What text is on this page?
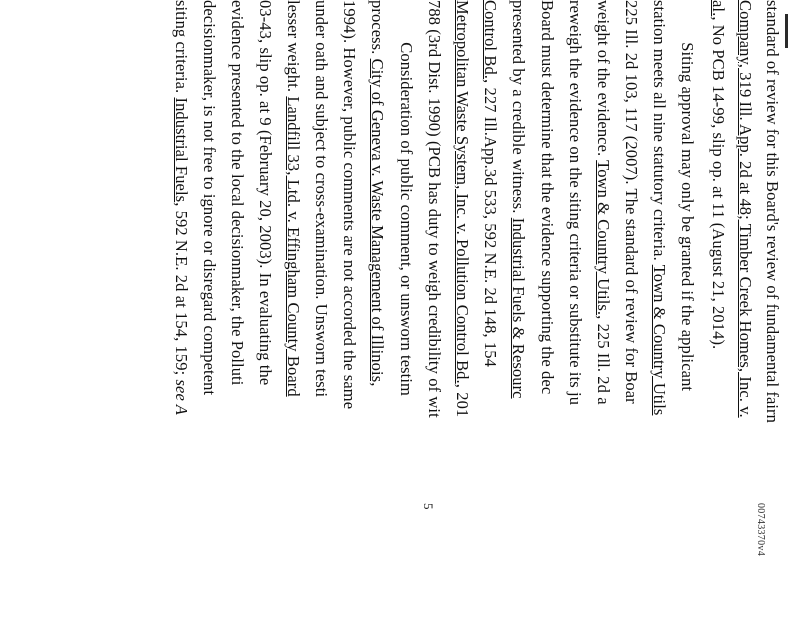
standard of review for this Board's review of fundamental fairn
Company, 319 Ill. App. 2d at 48; Timber Creek Homes, Inc. v.
al., No PCB 14-99, slip op. at 11 (August 21, 2014).
Siting approval may only be granted if the applicant
station meets all nine statutory criteria. Town & Country Utils
225 Ill. 2d 103, 117 (2007). The standard of review for Boar
weight of the evidence. Town & Country Utils., 225 Ill. 2d a
reweigh the evidence on the siting criteria or substitute its ju
Board must determine that the evidence supporting the dec
presented by a credible witness. Industrial Fuels & Resourc
Control Bd., 227 Ill.App.3d 533, 592 N.E. 2d 148, 154
Metropolitan Waste System, Inc. v. Pollution Control Bd., 201
788 (3rd Dist. 1990) (PCB has duty to weigh credibility of wit
Consideration of public comment, or unsworn testim
process. City of Geneva v. Waste Management of Illinois,
1994). However, public comments are not accorded the same
under oath and subject to cross-examination. Unsworn testi
lesser weight. Landfill 33, Ltd. v. Effingham County Board
03-43, slip op. at 9 (February 20, 2003). In evaluating the
evidence presented to the local decisionmaker, the Polluti
decisionmaker, is not free to ignore or disregard competent
siting criteria. Industrial Fuels, 592 N.E. 2d at 154, 159; see A
5	00743370v4
